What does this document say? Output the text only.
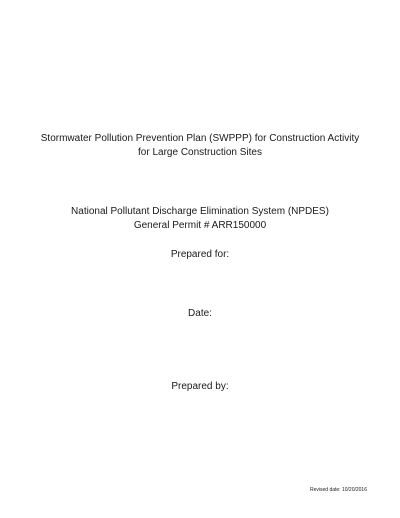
Stormwater Pollution Prevention Plan (SWPPP) for Construction Activity
for Large Construction Sites
National Pollutant Discharge Elimination System (NPDES)
General Permit # ARR150000
Prepared for:
Date:
Prepared by:
Revised date: 10/20/2016
